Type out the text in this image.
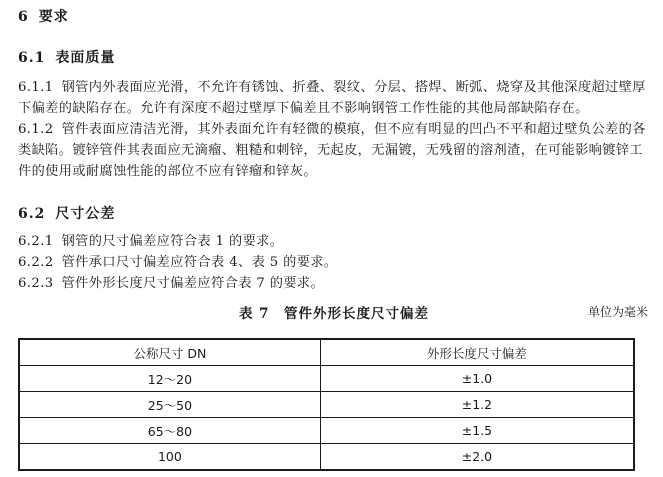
6 要求
6.1 表面质量
6.1.1 钢管内外表面应光滑，不允许有锈蚀、折叠、裂纹、分层、搭焊、断弧、烧穿及其他深度超过壁厚下偏差的缺陷存在。允许有深度不超过壁厚下偏差且不影响钢管工作性能的其他局部缺陷存在。
6.1.2 管件表面应清洁光滑，其外表面允许有轻微的模痕，但不应有明显的凹凸不平和超过壁负公差的各类缺陷。镀锌管件其表面应无滴瘤、粗糙和刺锌，无起皮，无漏镀，无残留的溶剂渣，在可能影响镀锌工件的使用或耐腐蚀性能的部位不应有锌瘤和锌灰。
6.2 尺寸公差
6.2.1 钢管的尺寸偏差应符合表 1 的要求。
6.2.2 管件承口尺寸偏差应符合表 4、表 5 的要求。
6.2.3 管件外形长度尺寸偏差应符合表 7 的要求。
表 7　管件外形长度尺寸偏差	单位为毫米
公称尺寸 DN	外形长度尺寸偏差
12～20	±1.0
25～50	±1.2
65～80	±1.5
100	±2.0
